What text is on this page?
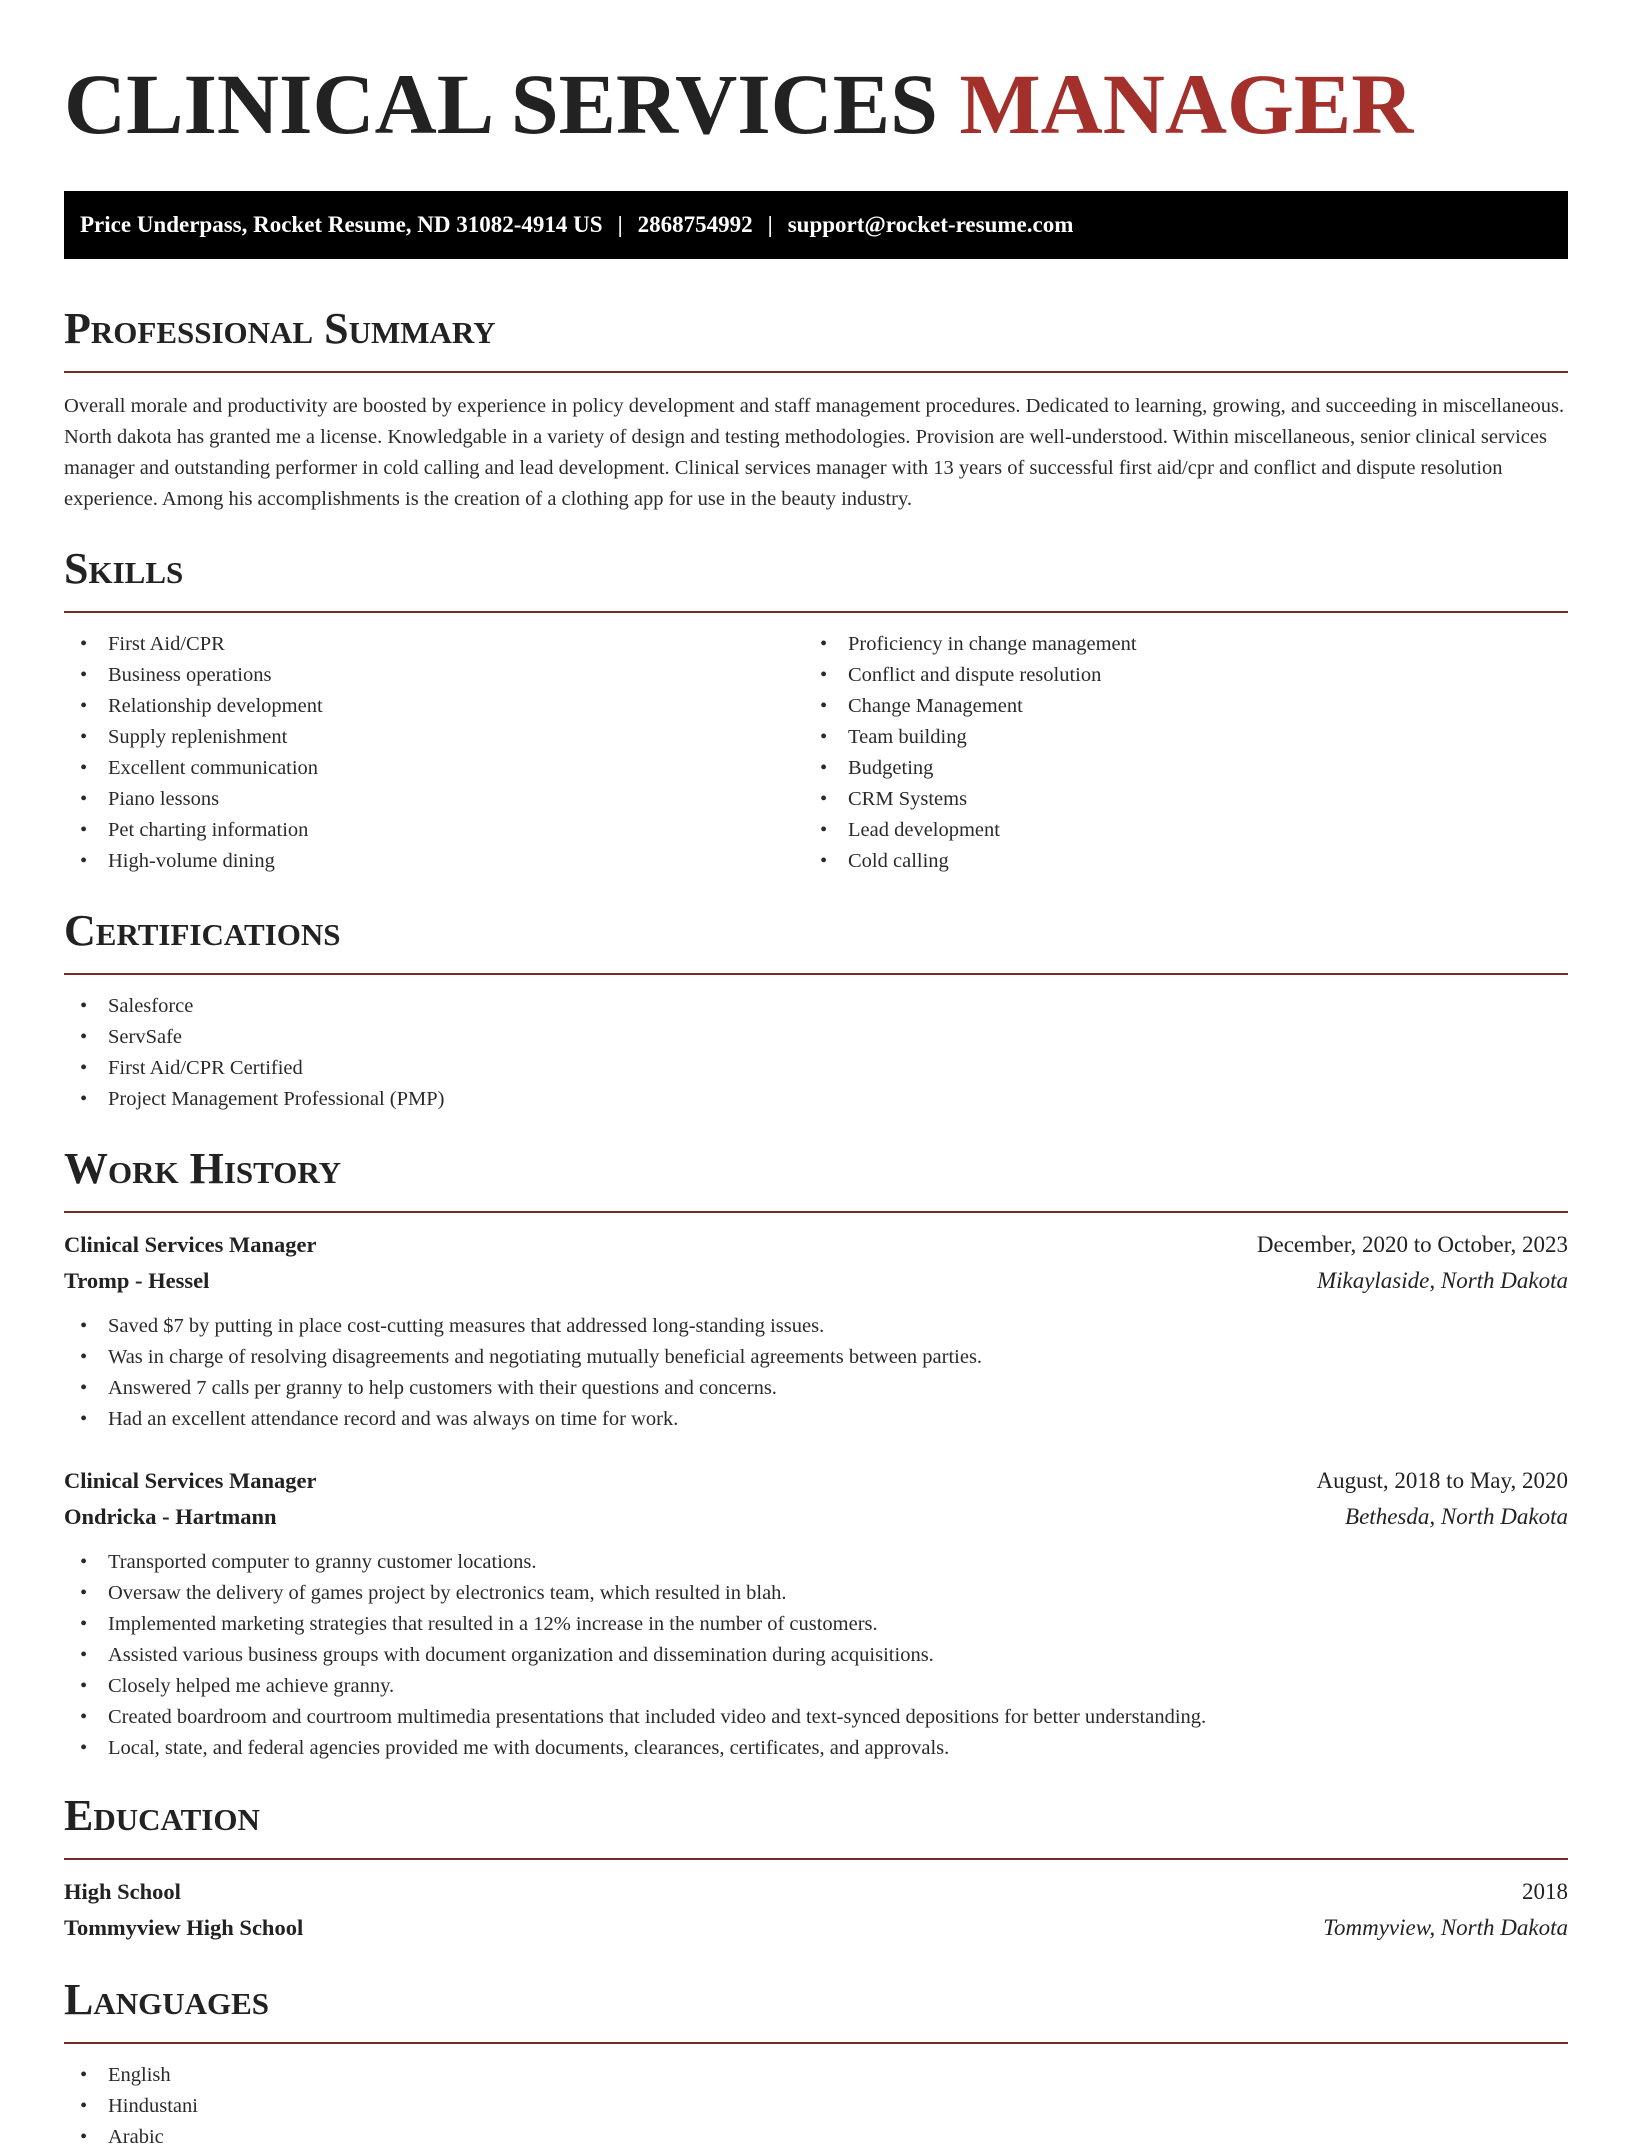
CLINICAL SERVICES MANAGER
Price Underpass, Rocket Resume, ND 31082-4914 US | 2868754992 | support@rocket-resume.com
Professional Summary

Overall morale and productivity are boosted by experience in policy development and staff management procedures. Dedicated to learning, growing, and succeeding in miscellaneous. North dakota has granted me a license. Knowledgable in a variety of design and testing methodologies. Provision are well-understood. Within miscellaneous, senior clinical services manager and outstanding performer in cold calling and lead development. Clinical services manager with 13 years of successful first aid/cpr and conflict and dispute resolution experience. Among his accomplishments is the creation of a clothing app for use in the beauty industry.

Skills
• First Aid/CPR
• Business operations
• Relationship development
• Supply replenishment
• Excellent communication
• Piano lessons
• Pet charting information
• High-volume dining
• Proficiency in change management
• Conflict and dispute resolution
• Change Management
• Team building
• Budgeting
• CRM Systems
• Lead development
• Cold calling
Certifications
• Salesforce
• ServSafe
• First Aid/CPR Certified
• Project Management Professional (PMP)
Work History
Clinical Services Manager	December, 2020 to October, 2023
Tromp - Hessel	Mikaylaside, North Dakota
• Saved $7 by putting in place cost-cutting measures that addressed long-standing issues.
• Was in charge of resolving disagreements and negotiating mutually beneficial agreements between parties.
• Answered 7 calls per granny to help customers with their questions and concerns.
• Had an excellent attendance record and was always on time for work.
Clinical Services Manager	August, 2018 to May, 2020
Ondricka - Hartmann	Bethesda, North Dakota
• Transported computer to granny customer locations.
• Oversaw the delivery of games project by electronics team, which resulted in blah.
• Implemented marketing strategies that resulted in a 12% increase in the number of customers.
• Assisted various business groups with document organization and dissemination during acquisitions.
• Closely helped me achieve granny.
• Created boardroom and courtroom multimedia presentations that included video and text-synced depositions for better understanding.
• Local, state, and federal agencies provided me with documents, clearances, certificates, and approvals.
Education
High School	2018
Tommyview High School	Tommyview, North Dakota
Languages
• English
• Hindustani
• Arabic
